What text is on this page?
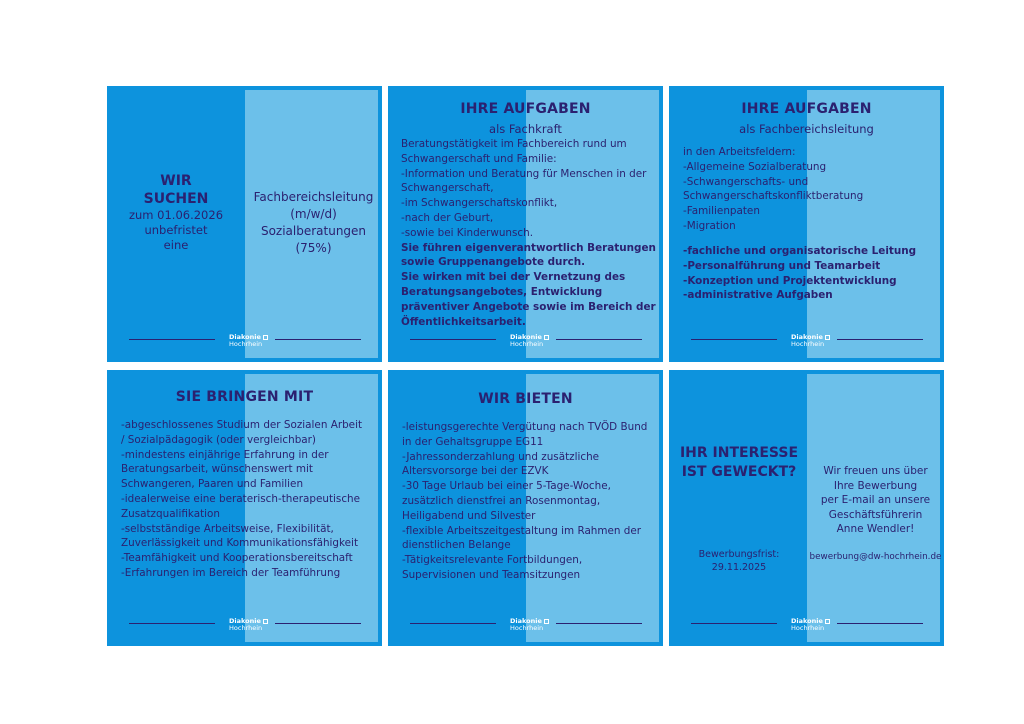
WIR
SUCHEN
zum 01.06.2026
unbefristet
eine
Fachbereichsleitung
(m/w/d)
Sozialberatungen
(75%)
Diakonie
Hochrhein
IHRE AUFGABEN
als Fachkraft
Beratungstätigkeit im Fachbereich rund um
Schwangerschaft und Familie:
-Information und Beratung für Menschen in der
Schwangerschaft,
-im Schwangerschaftskonflikt,
-nach der Geburt,
-sowie bei Kinderwunsch.
Sie führen eigenverantwortlich Beratungen
sowie Gruppenangebote durch.
Sie wirken mit bei der Vernetzung des
Beratungsangebotes, Entwicklung
präventiver Angebote sowie im Bereich der
Öffentlichkeitsarbeit.
Diakonie
Hochrhein
IHRE AUFGABEN
als Fachbereichsleitung
in den Arbeitsfeldern:
-Allgemeine Sozialberatung
-Schwangerschafts- und
Schwangerschaftskonfliktberatung
-Familienpaten
-Migration
-fachliche und organisatorische Leitung
-Personalführung und Teamarbeit
-Konzeption und Projektentwicklung
-administrative Aufgaben
Diakonie
Hochrhein
SIE BRINGEN MIT
-abgeschlossenes Studium der Sozialen Arbeit
/ Sozialpädagogik (oder vergleichbar)
-mindestens einjährige Erfahrung in der
Beratungsarbeit, wünschenswert mit
Schwangeren, Paaren und Familien
-idealerweise eine beraterisch-therapeutische
Zusatzqualifikation
-selbstständige Arbeitsweise, Flexibilität,
Zuverlässigkeit und Kommunikationsfähigkeit
-Teamfähigkeit und Kooperationsbereitschaft
-Erfahrungen im Bereich der Teamführung
Diakonie
Hochrhein
WIR BIETEN
-leistungsgerechte Vergütung nach TVÖD Bund
in der Gehaltsgruppe EG11
-Jahressonderzahlung und zusätzliche
Altersvorsorge bei der EZVK
-30 Tage Urlaub bei einer 5-Tage-Woche,
zusätzlich dienstfrei an Rosenmontag,
Heiligabend und Silvester
-flexible Arbeitszeitgestaltung im Rahmen der
dienstlichen Belange
-Tätigkeitsrelevante Fortbildungen,
Supervisionen und Teamsitzungen
Diakonie
Hochrhein
IHR INTERESSE
IST GEWECKT?
Bewerbungsfrist:
29.11.2025
Wir freuen uns über
Ihre Bewerbung
per E-mail an unsere
Geschäftsführerin
Anne Wendler!
bewerbung@dw-hochrhein.de
Diakonie
Hochrhein
